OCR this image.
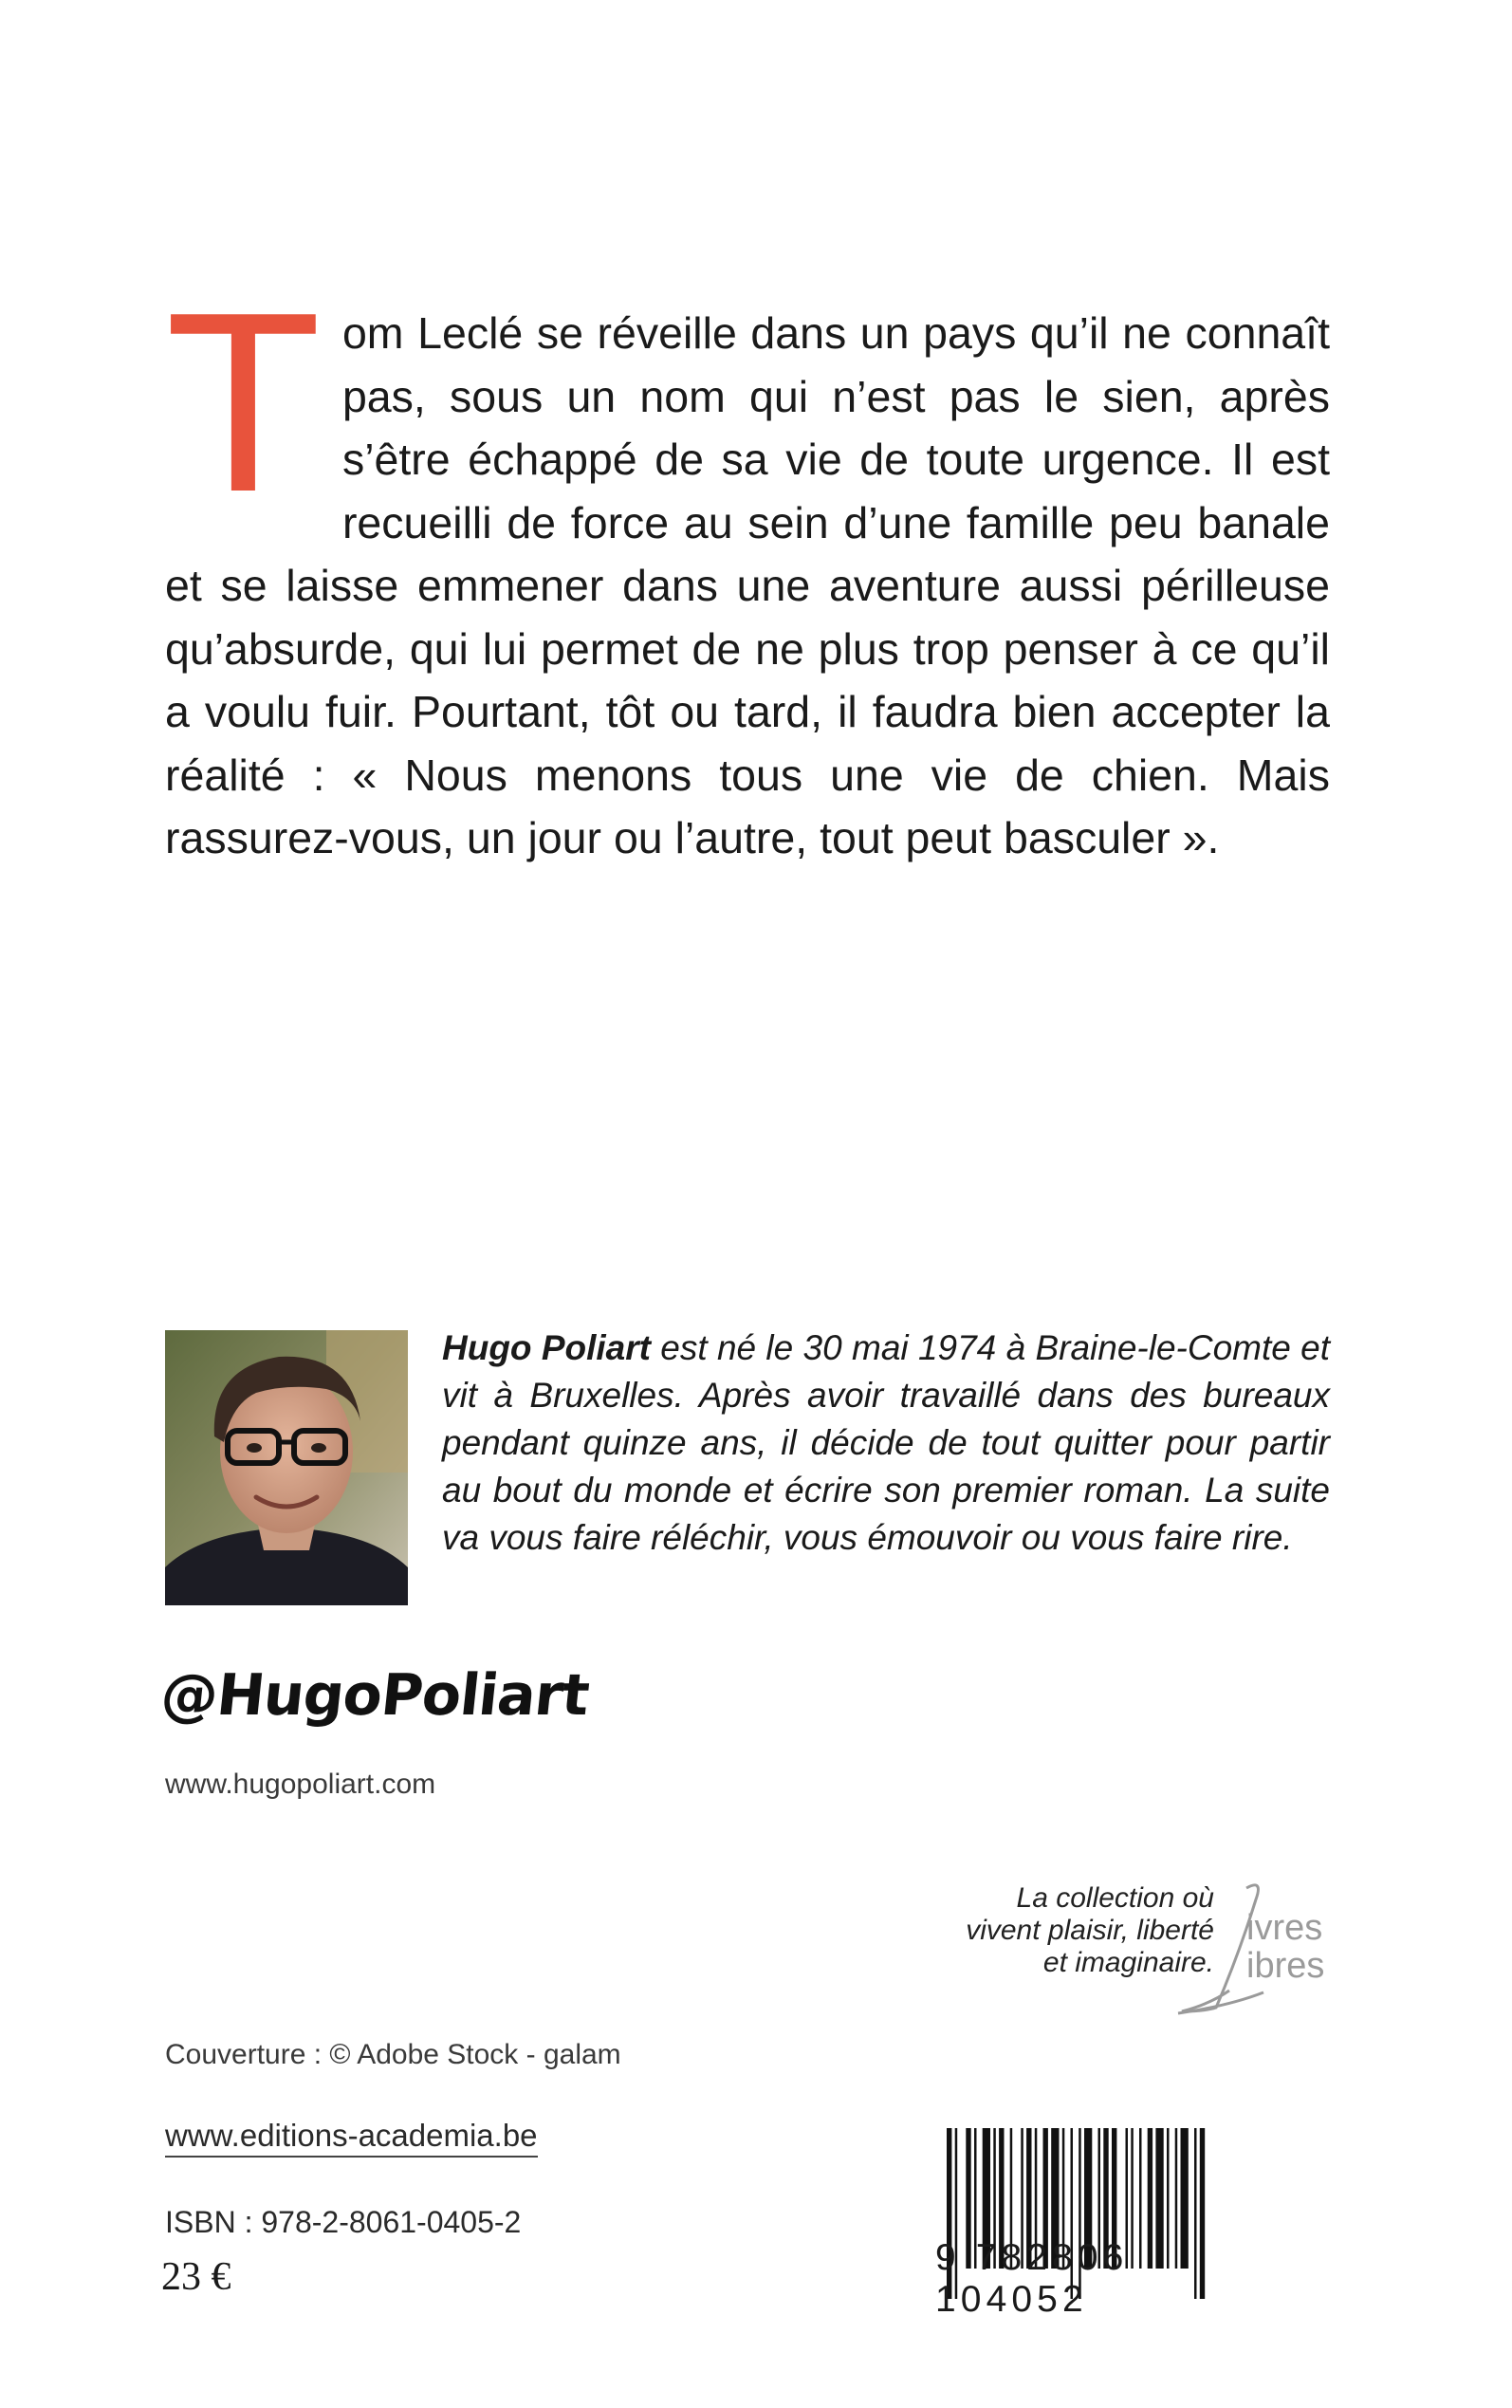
Tom Leclé se réveille dans un pays qu’il ne connaît pas, sous un nom qui n’est pas le sien, après s’être échappé de sa vie de toute urgence. Il est recueilli de force au sein d’une famille peu banale et se laisse emmener dans une aventure aussi périlleuse qu’absurde, qui lui permet de ne plus trop penser à ce qu’il a voulu fuir. Pourtant, tôt ou tard, il faudra bien accepter la réalité : « Nous menons tous une vie de chien. Mais rassurez-vous, un jour ou l’autre, tout peut basculer ».

Hugo Poliart est né le 30 mai 1974 à Braine-le-Comte et vit à Bruxelles. Après avoir travaillé dans des bureaux pendant quinze ans, il décide de tout quitter pour partir au bout du monde et écrire son premier roman. La suite va vous faire réléchir, vous émouvoir ou vous faire rire.

@HugoPoliart
www.hugopoliart.com
La collection où
vivent plaisir, liberté
et imaginaire.
ivres
ibres
Couverture : © Adobe Stock - galam
www.editions-academia.be
ISBN : 978-2-8061-0405-2
23 €	9 782806 104052
